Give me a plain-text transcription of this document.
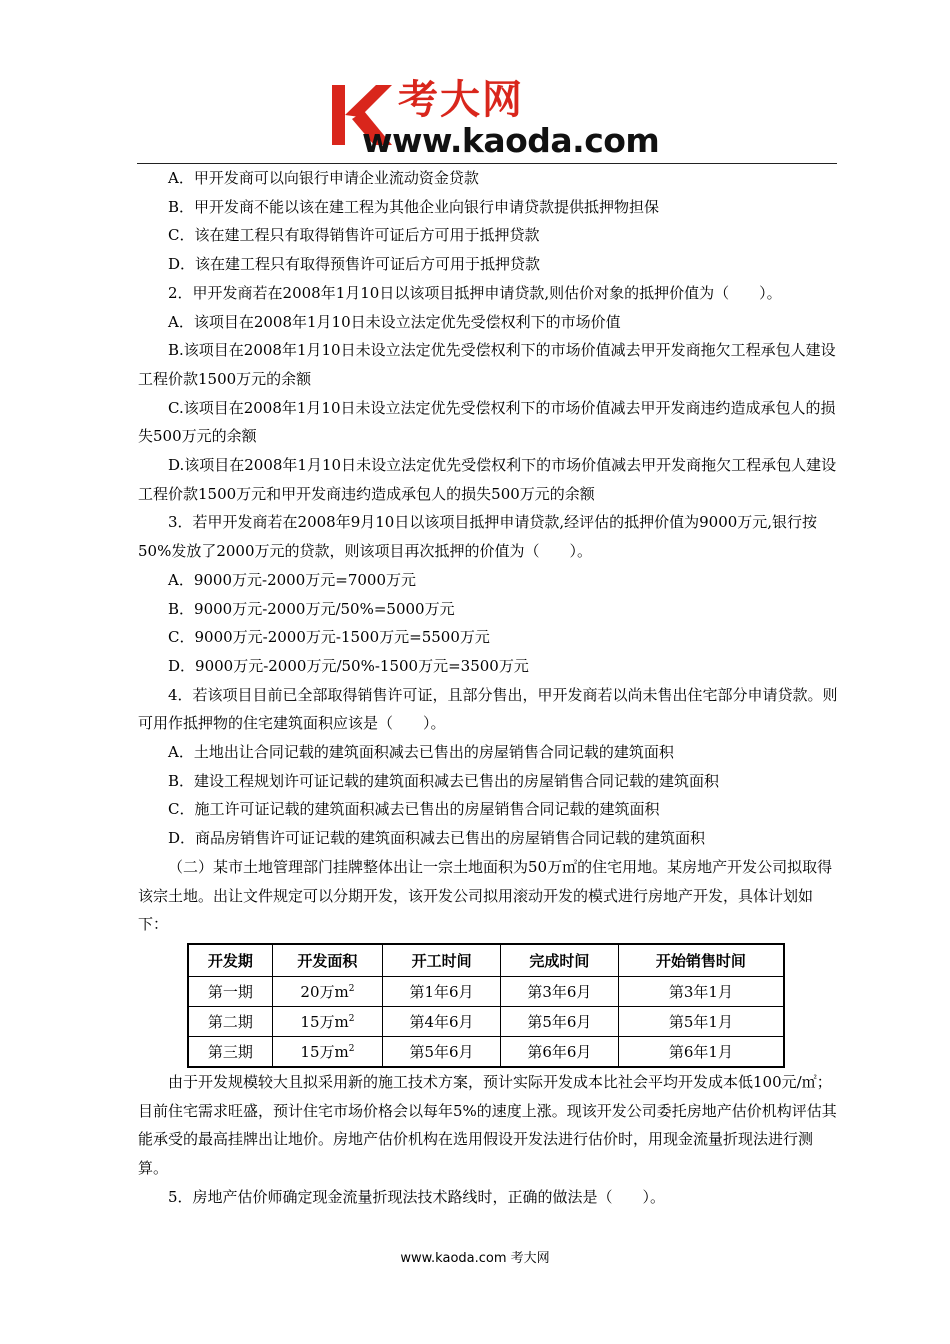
考大网
www.kaoda.com

A．甲开发商可以向银行申请企业流动资金贷款

B．甲开发商不能以该在建工程为其他企业向银行申请贷款提供抵押物担保

C．该在建工程只有取得销售许可证后方可用于抵押贷款

D．该在建工程只有取得预售许可证后方可用于抵押贷款

2．甲开发商若在2008年1月10日以该项目抵押申请贷款,则估价对象的抵押价值为（　　）。

A．该项目在2008年1月10日未设立法定优先受偿权利下的市场价值

B.该项目在2008年1月10日未设立法定优先受偿权利下的市场价值减去甲开发商拖欠工程承包人建设工程价款1500万元的余额

C.该项目在2008年1月10日未设立法定优先受偿权利下的市场价值减去甲开发商违约造成承包人的损失500万元的余额

D.该项目在2008年1月10日未设立法定优先受偿权利下的市场价值减去甲开发商拖欠工程承包人建设工程价款1500万元和甲开发商违约造成承包人的损失500万元的余额

3．若甲开发商若在2008年9月10日以该项目抵押申请贷款,经评估的抵押价值为9000万元,银行按50%发放了2000万元的贷款，则该项目再次抵押的价值为（　　）。

A．9000万元-2000万元=7000万元

B．9000万元-2000万元/50%=5000万元

C．9000万元-2000万元-1500万元=5500万元

D．9000万元-2000万元/50%-1500万元=3500万元

4．若该项目目前已全部取得销售许可证，且部分售出，甲开发商若以尚未售出住宅部分申请贷款。则可用作抵押物的住宅建筑面积应该是（　　）。

A．土地出让合同记载的建筑面积减去已售出的房屋销售合同记载的建筑面积

B．建设工程规划许可证记载的建筑面积减去已售出的房屋销售合同记载的建筑面积

C．施工许可证记载的建筑面积减去已售出的房屋销售合同记载的建筑面积

D．商品房销售许可证记载的建筑面积减去已售出的房屋销售合同记载的建筑面积

（二）某市土地管理部门挂牌整体出让一宗土地面积为50万㎡的住宅用地。某房地产开发公司拟取得该宗土地。出让文件规定可以分期开发，该开发公司拟用滚动开发的模式进行房地产开发，具体计划如下：

开发期	开发面积	开工时间	完成时间	开始销售时间
第一期	20万$m^2$	第1年6月	第3年6月	第3年1月
第二期	15万$m^2$	第4年6月	第5年6月	第5年1月
第三期	15万$m^2$	第5年6月	第6年6月	第6年1月

由于开发规模较大且拟采用新的施工技术方案，预计实际开发成本比社会平均开发成本低100元/㎡；目前住宅需求旺盛，预计住宅市场价格会以每年5%的速度上涨。现该开发公司委托房地产估价机构评估其能承受的最高挂牌出让地价。房地产估价机构在选用假设开发法进行估价时，用现金流量折现法进行测算。

5．房地产估价师确定现金流量折现法技术路线时，正确的做法是（　　）。

www.kaoda.com 考大网
